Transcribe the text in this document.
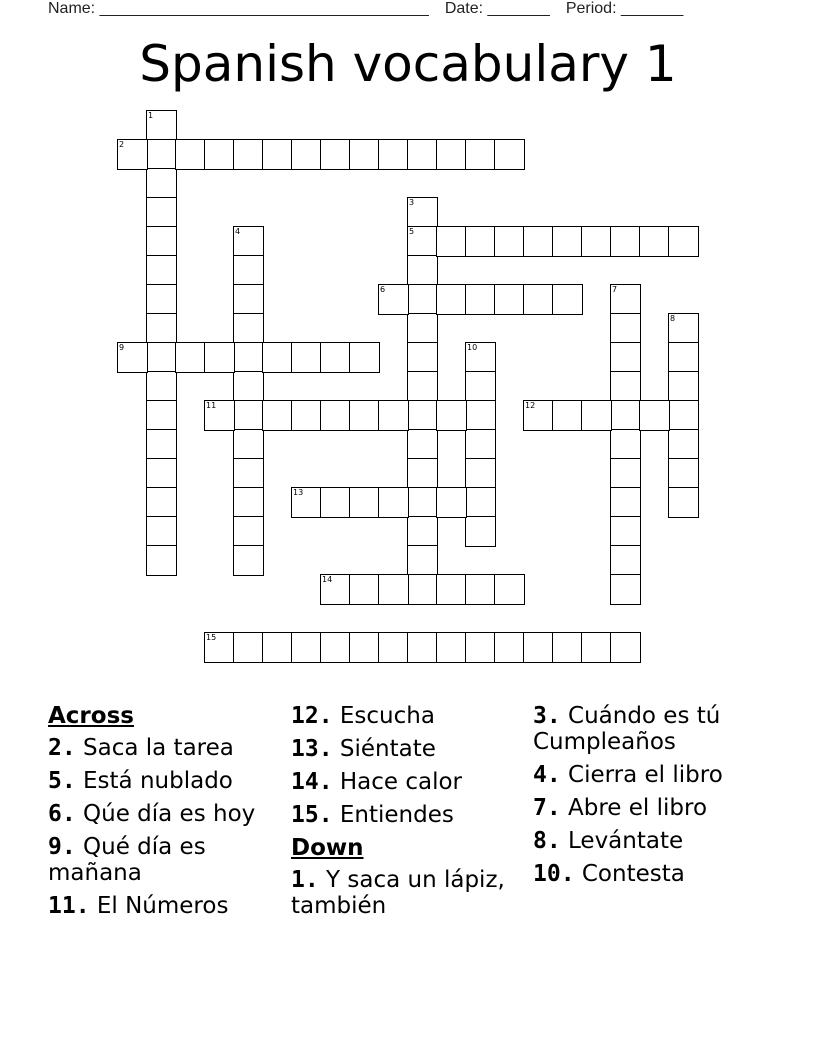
Name: _____________________________________ Date: _______ Period: _______
Spanish vocabulary 1
1
2
3
5
4
6	7
8
9	10
11	12
13
14
15
Across
2. Saca la tarea
5. Está nublado
6. Qúe día es hoy
9. Qué día es mañana
11. El Números
12. Escucha
13. Siéntate
14. Hace calor
15. Entiendes
Down
1. Y saca un lápiz, también
3. Cuándo es tú Cumpleaños
4. Cierra el libro
7. Abre el libro
8. Levántate
10. Contesta
